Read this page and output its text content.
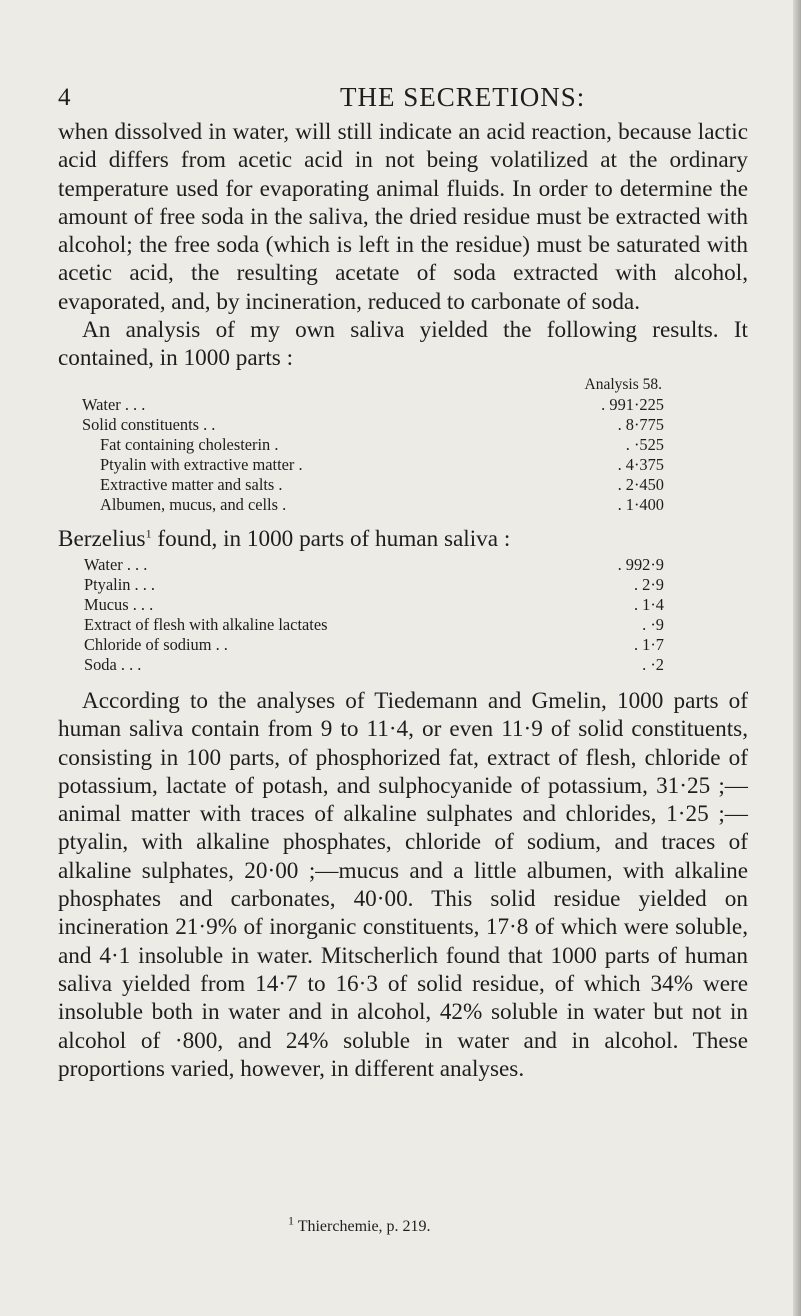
4	THE SECRETIONS:

when dissolved in water, will still indicate an acid reaction, because lactic acid differs from acetic acid in not being volatilized at the ordinary temperature used for evaporating animal fluids. In order to determine the amount of free soda in the saliva, the dried residue must be extracted with alcohol; the free soda (which is left in the residue) must be saturated with acetic acid, the resulting acetate of soda extracted with alcohol, evaporated, and, by incineration, reduced to carbonate of soda.

An analysis of my own saliva yielded the following results. It contained, in 1000 parts :

Analysis 58.
Water . . .	. 991·225
Solid constituents . .	. 8·775
Fat containing cholesterin .	. ·525
Ptyalin with extractive matter .	. 4·375
Extractive matter and salts .	. 2·450
Albumen, mucus, and cells .	. 1·400

Berzelius$^1$ found, in 1000 parts of human saliva :

Water . . .	. 992·9
Ptyalin . . .	. 2·9
Mucus . . .	. 1·4
Extract of flesh with alkaline lactates	. ·9
Chloride of sodium . .	. 1·7
Soda . . .	. ·2

According to the analyses of Tiedemann and Gmelin, 1000 parts of human saliva contain from 9 to 11·4, or even 11·9 of solid constituents, consisting in 100 parts, of phosphorized fat, extract of flesh, chloride of potassium, lactate of potash, and sulphocyanide of potassium, 31·25 ;—animal matter with traces of alkaline sulphates and chlorides, 1·25 ;—ptyalin, with alkaline phosphates, chloride of sodium, and traces of alkaline sulphates, 20·00 ;—mucus and a little albumen, with alkaline phosphates and carbonates, 40·00. This solid residue yielded on incineration 21·9% of inorganic constituents, 17·8 of which were soluble, and 4·1 insoluble in water. Mitscherlich found that 1000 parts of human saliva yielded from 14·7 to 16·3 of solid residue, of which 34% were insoluble both in water and in alcohol, 42% soluble in water but not in alcohol of ·800, and 24% soluble in water and in alcohol. These proportions varied, however, in different analyses.

$^1$ Thierchemie, p. 219.
